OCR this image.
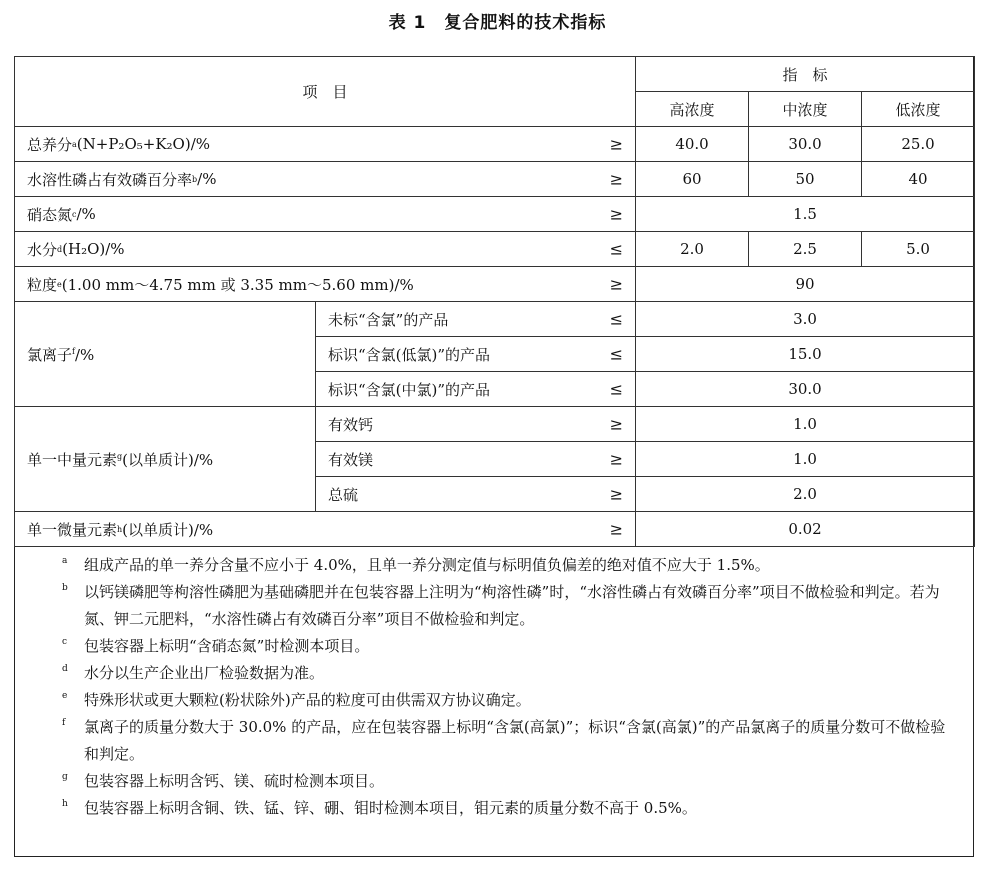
表 1　复合肥料的技术指标
项　目		指　标		
		高浓度	中浓度	低浓度

总养分 a (N+P₂O₅+K₂O)/% ≥		40.0	30.0	25.0

水溶性磷占有效磷百分率 b /% ≥		60	50	40

硝态氮 c /% ≥		1.5		

水分 d (H₂O)/% ≤		2.0	2.5	5.0

粒度 e (1.00 mm～4.75 mm 或 3.35 mm～5.60 mm)/% ≥		90		
氯离子$^f$/%	未标“含氯”的产品 ≤	3.0		

	标识“含氯(低氯)”的产品 ≤	15.0		

	标识“含氯(中氯)”的产品 ≤	30.0		
单一中量元素$^g$(以单质计)/%	有效钙 ≥	1.0		

	有效镁 ≥	1.0		

	总硫 ≥	2.0		

单一微量元素 h (以单质计)/% ≥		0.02		
a 组成产品的单一养分含量不应小于 4.0%，且单一养分测定值与标明值负偏差的绝对值不应大于 1.5%。
b 以钙镁磷肥等枸溶性磷肥为基础磷肥并在包装容器上注明为“枸溶性磷”时，“水溶性磷占有效磷百分率”项目不做检验和判定。若为氮、钾二元肥料，“水溶性磷占有效磷百分率”项目不做检验和判定。
c 包装容器上标明“含硝态氮”时检测本项目。
d 水分以生产企业出厂检验数据为准。
e 特殊形状或更大颗粒(粉状除外)产品的粒度可由供需双方协议确定。
f 氯离子的质量分数大于 30.0% 的产品，应在包装容器上标明“含氯(高氯)”；标识“含氯(高氯)”的产品氯离子的质量分数可不做检验和判定。
g 包装容器上标明含钙、镁、硫时检测本项目。
h 包装容器上标明含铜、铁、锰、锌、硼、钼时检测本项目，钼元素的质量分数不高于 0.5%。
